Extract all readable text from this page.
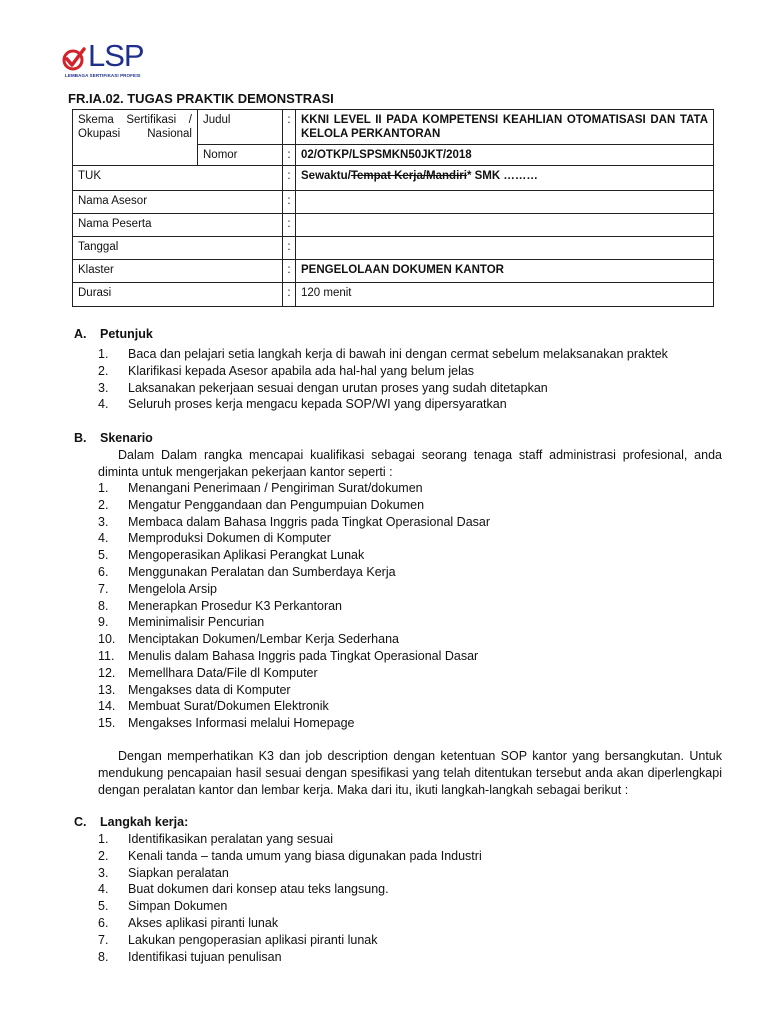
LSP
LEMBAGA SERTIFIKASI PROFESI
FR.IA.02. TUGAS PRAKTIK DEMONSTRASI
Skema Sertifikasi / Okupasi Nasional	Judul	:	KKNI LEVEL II PADA KOMPETENSI KEAHLIAN OTOMATISASI DAN TATA KELOLA PERKANTORAN
	Nomor	:	02/OTKP/LSPSMKN50JKT/2018
TUK		:	Sewaktu/Tempat Kerja/Mandiri* SMK ………
Nama Asesor		:	
Nama Peserta		:	
Tanggal		:	
Klaster		:	PENGELOLAAN DOKUMEN KANTOR
Durasi		:	120 menit
A. Petunjuk
1.	Baca dan pelajari setia langkah kerja di bawah ini dengan cermat sebelum melaksanakan praktek
2.	Klarifikasi kepada Asesor apabila ada hal-hal yang belum jelas
3.	Laksanakan pekerjaan sesuai dengan urutan proses yang sudah ditetapkan
4.	Seluruh proses kerja mengacu kepada SOP/WI yang dipersyaratkan
B. Skenario
Dalam Dalam rangka mencapai kualifikasi sebagai seorang tenaga staff administrasi profesional, anda diminta untuk mengerjakan pekerjaan kantor seperti :
1.	Menangani Penerimaan / Pengiriman Surat/dokumen
2.	Mengatur Penggandaan dan Pengumpuian Dokumen
3.	Membaca dalam Bahasa Inggris pada Tingkat Operasional Dasar
4.	Memproduksi Dokumen di Komputer
5.	Mengoperasikan Aplikasi Perangkat Lunak
6.	Menggunakan Peralatan dan Sumberdaya Kerja
7.	Mengelola Arsip
8.	Menerapkan Prosedur K3 Perkantoran
9.	Meminimalisir Pencurian
10.	Menciptakan Dokumen/Lembar Kerja Sederhana
11.	Menulis dalam Bahasa Inggris pada Tingkat Operasional Dasar
12.	Memellhara Data/File dl Komputer
13.	Mengakses data di Komputer
14.	Membuat Surat/Dokumen Elektronik
15.	Mengakses Informasi melalui Homepage
Dengan memperhatikan K3 dan job description dengan ketentuan SOP kantor yang bersangkutan. Untuk mendukung pencapaian hasil sesuai dengan spesifikasi yang telah ditentukan tersebut anda akan diperlengkapi dengan peralatan kantor dan lembar kerja. Maka dari itu, ikuti langkah-langkah sebagai berikut :
C. Langkah kerja:
1.	Identifikasikan peralatan yang sesuai
2.	Kenali tanda – tanda umum yang biasa digunakan pada Industri
3.	Siapkan peralatan
4.	Buat dokumen dari konsep atau teks langsung.
5.	Simpan Dokumen
6.	Akses aplikasi piranti lunak
7.	Lakukan pengoperasian aplikasi piranti lunak
8.	Identifikasi tujuan penulisan
